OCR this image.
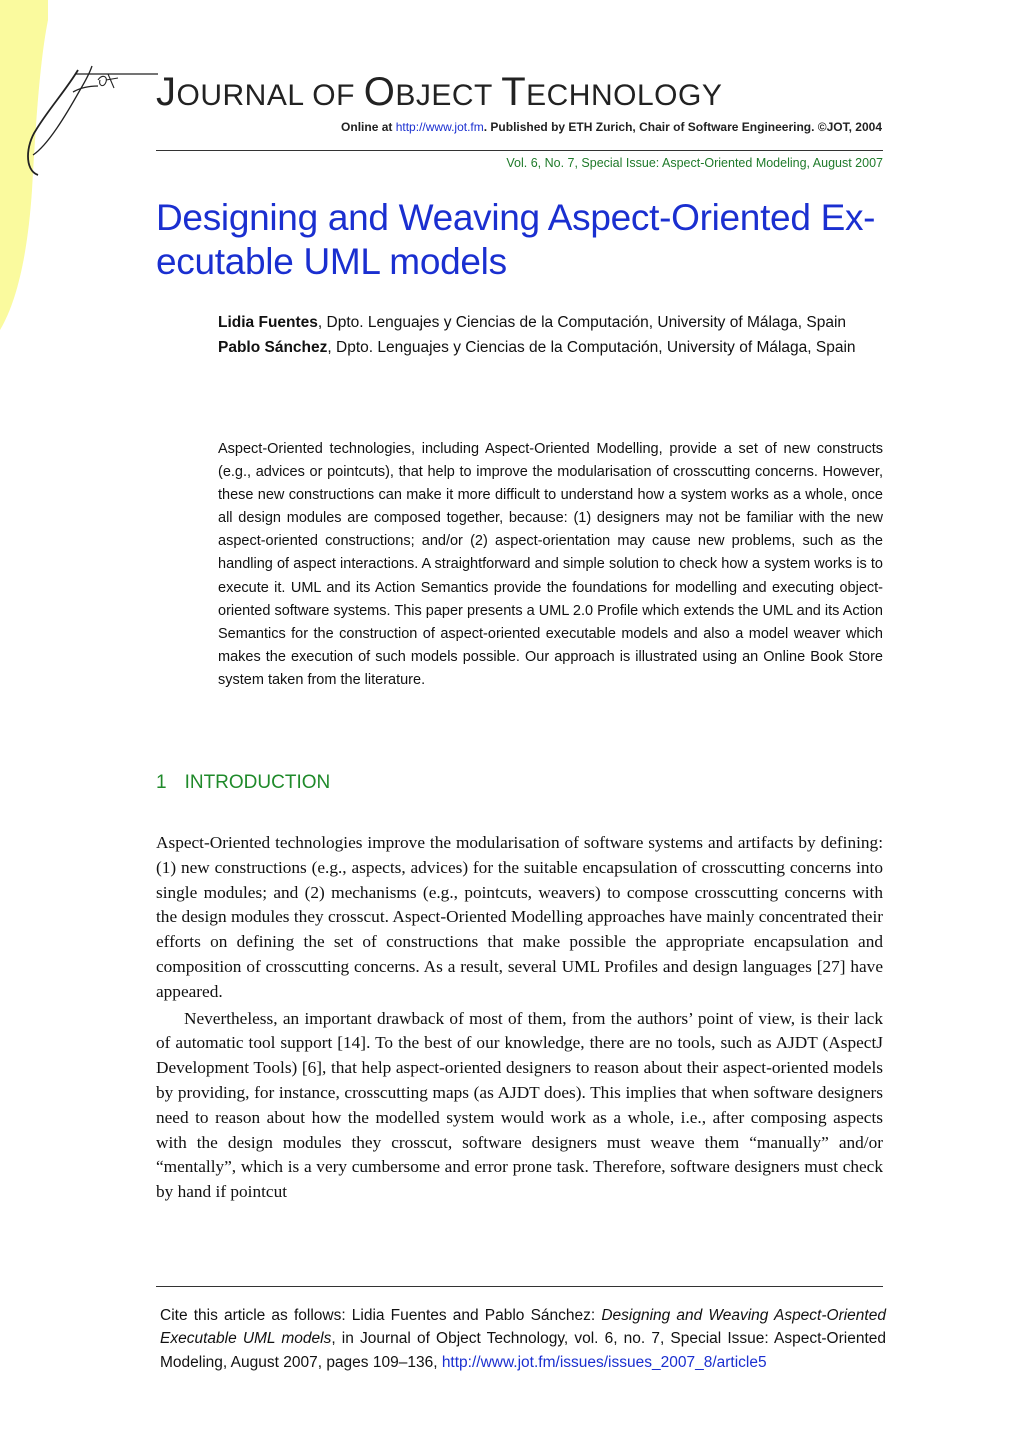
JOURNAL OF OBJECT TECHNOLOGY
Online at http://www.jot.fm. Published by ETH Zurich, Chair of Software Engineering. ©JOT, 2004
Vol. 6, No. 7, Special Issue: Aspect-Oriented Modeling, August 2007
Designing and Weaving Aspect-Oriented Ex-
ecutable UML models

Lidia Fuentes, Dpto. Lenguajes y Ciencias de la Computación, University of Málaga, Spain

Pablo Sánchez, Dpto. Lenguajes y Ciencias de la Computación, University of Málaga, Spain

Aspect-Oriented technologies, including Aspect-Oriented Modelling, provide a set of new constructs (e.g., advices or pointcuts), that help to improve the modularisation of crosscutting concerns. However, these new constructions can make it more difficult to understand how a system works as a whole, once all design modules are composed together, because: (1) designers may not be familiar with the new aspect-oriented constructions; and/or (2) aspect-orientation may cause new problems, such as the handling of aspect interactions. A straightforward and simple solution to check how a system works is to execute it. UML and its Action Semantics provide the foundations for modelling and executing object-oriented software systems. This paper presents a UML 2.0 Profile which extends the UML and its Action Semantics for the construction of aspect-oriented executable models and also a model weaver which makes the execution of such models possible. Our approach is illustrated using an Online Book Store system taken from the literature.

1 INTRODUCTION

Aspect-Oriented technologies improve the modularisation of software systems and artifacts by defining: (1) new constructions (e.g., aspects, advices) for the suitable encapsulation of crosscutting concerns into single modules; and (2) mechanisms (e.g., pointcuts, weavers) to compose crosscutting concerns with the design modules they crosscut. Aspect-Oriented Modelling approaches have mainly concentrated their efforts on defining the set of constructions that make possible the appropriate encapsulation and composition of crosscutting concerns. As a result, several UML Profiles and design languages [27] have appeared.

Nevertheless, an important drawback of most of them, from the authors’ point of view, is their lack of automatic tool support [14]. To the best of our knowledge, there are no tools, such as AJDT (AspectJ Development Tools) [6], that help aspect-oriented designers to reason about their aspect-oriented models by providing, for instance, crosscutting maps (as AJDT does). This implies that when software designers need to reason about how the modelled system would work as a whole, i.e., after composing aspects with the design modules they crosscut, software designers must weave them “manually” and/or “mentally”, which is a very cumbersome and error prone task. Therefore, software designers must check by hand if pointcut

Cite this article as follows: Lidia Fuentes and Pablo Sánchez: Designing and Weaving Aspect-Oriented Executable UML models, in Journal of Object Technology, vol. 6, no. 7, Special Issue: Aspect-Oriented Modeling, August 2007, pages 109–136, http://www.jot.fm/issues/issues_2007_8/article5
